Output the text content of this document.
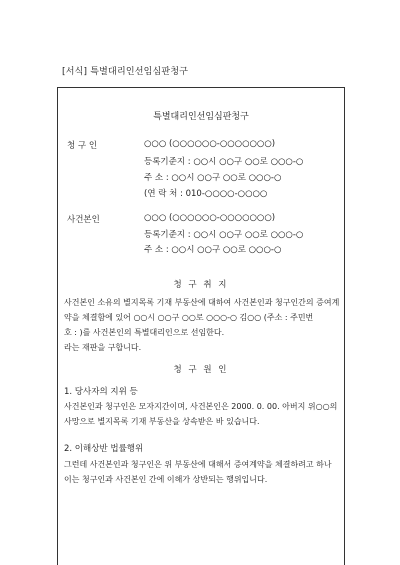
[서식] 특별대리인선임심판청구
특별대리인선임심판청구
청 구 인	○○○ (○○○○○○-○○○○○○○)
등록기준지 : ○○시 ○○구 ○○로 ○○○-○
주 소 : ○○시 ○○구 ○○로 ○○○-○
(연 락 처 : 010-○○○○-○○○○
사건본인	○○○ (○○○○○○-○○○○○○○)
등록기준지 : ○○시 ○○구 ○○로 ○○○-○
주 소 : ○○시 ○○구 ○○로 ○○○-○
청 구 취 지
사건본인 소유의 별지목록 기재 부동산에 대하여 사건본인과 청구인간의 증여계
약을 체결함에 있어 ○○시 ○○구 ○○로 ○○○-○ 김○○ (주소 : 주민번
호 : )를 사건본인의 특별대리인으로 선임한다.
라는 재판을 구합니다.
청 구 원 인
1. 당사자의 지위 등
사건본인과 청구인은 모자지간이며, 사건본인은 2000. 0. 00. 아버지 위○○의
사망으로 별지목록 기재 부동산을 상속받은 바 있습니다.
2. 이해상반 법률행위
그런데 사건본인과 청구인은 위 부동산에 대해서 증여계약을 체결하려고 하나
이는 청구인과 사건본인 간에 이해가 상반되는 행위입니다.
